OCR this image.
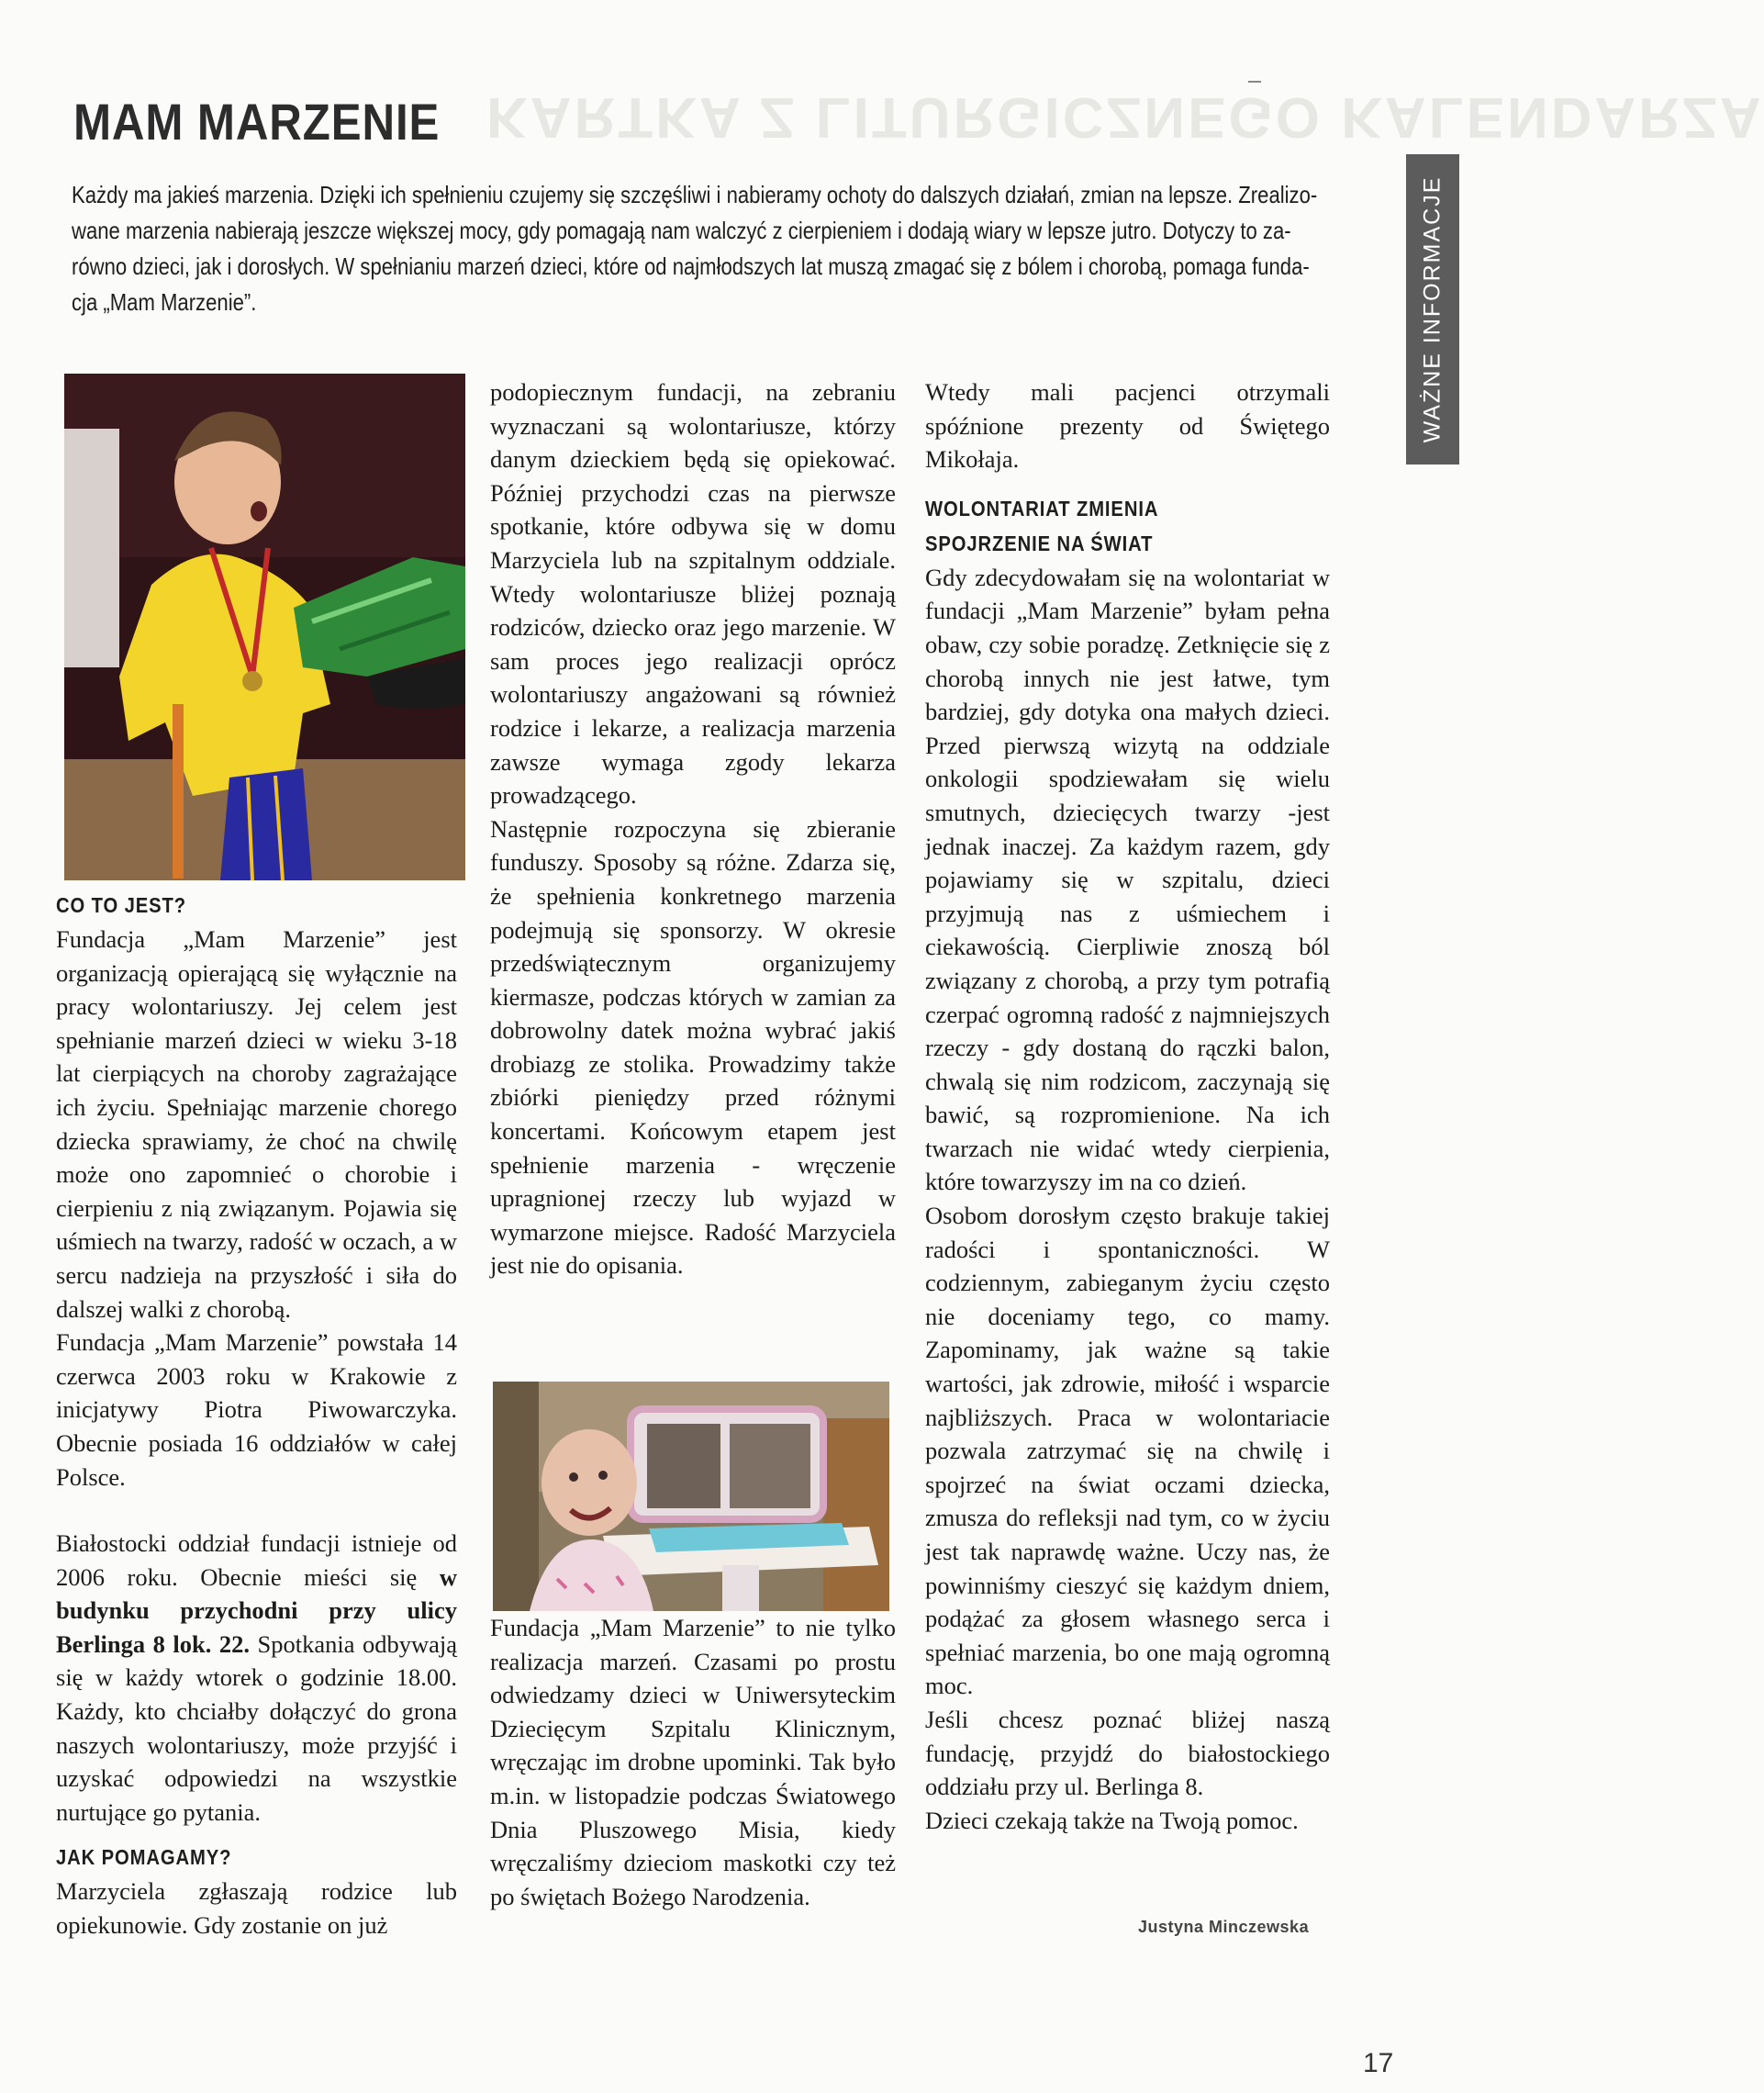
KARTKA Z LITURGICZNEGO KALENDARZA
MAM MARZENIE
Każdy ma jakieś marzenia. Dzięki ich spełnieniu czujemy się szczęśliwi i nabieramy ochoty do dalszych działań, zmian na lepsze. Zrealizo-
wane marzenia nabierają jeszcze większej mocy, gdy pomagają nam walczyć z cierpieniem i dodają wiary w lepsze jutro. Dotyczy to za-
równo dzieci, jak i dorosłych. W spełnianiu marzeń dzieci, które od najmłodszych lat muszą zmagać się z bólem i chorobą, pomaga funda-
cja „Mam Marzenie”.	WAŻNE INFORMACJE

CO TO JEST?

Fundacja „Mam Marzenie” jest organizacją opierającą się wyłącznie na pracy wolontariuszy. Jej celem jest spełnianie marzeń dzieci w wieku 3-18 lat cierpiących na choroby zagrażające ich życiu. Spełniając marzenie chorego dziecka sprawiamy, że choć na chwilę może ono zapomnieć o chorobie i cierpieniu z nią związanym. Pojawia się uśmiech na twarzy, radość w oczach, a w sercu nadzieja na przyszłość i siła do dalszej walki z chorobą.

Fundacja „Mam Marzenie” powstała 14 czerwca 2003 roku w Krakowie z inicjatywy Piotra Piwowarczyka. Obecnie posiada 16 oddziałów w całej Polsce.

Białostocki oddział fundacji istnieje od 2006 roku. Obecnie mieści się w budynku przychodni przy ulicy Berlinga 8 lok. 22. Spotkania odbywają się w każdy wtorek o godzinie 18.00. Każdy, kto chciałby dołączyć do grona naszych wolontariuszy, może przyjść i uzyskać odpowiedzi na wszystkie nurtujące go pytania.

JAK POMAGAMY?

Marzyciela zgłaszają rodzice lub opiekunowie. Gdy zostanie on już

podopiecznym fundacji, na zebraniu wyznaczani są wolontariusze, którzy danym dzieckiem będą się opiekować. Później przychodzi czas na pierwsze spotkanie, które odbywa się w domu Marzyciela lub na szpitalnym oddziale. Wtedy wolontariusze bliżej poznają rodziców, dziecko oraz jego marzenie. W sam proces jego realizacji oprócz wolontariuszy angażowani są również rodzice i lekarze, a realizacja marzenia zawsze wymaga zgody lekarza prowadzącego.

Następnie rozpoczyna się zbieranie funduszy. Sposoby są różne. Zdarza się, że spełnienia konkretnego marzenia podejmują się sponsorzy. W okresie przedświątecznym organizujemy kiermasze, podczas których w zamian za dobrowolny datek można wybrać jakiś drobiazg ze stolika. Prowadzimy także zbiórki pieniędzy przed różnymi koncertami. Końcowym etapem jest spełnienie marzenia - wręczenie upragnionej rzeczy lub wyjazd w wymarzone miejsce. Radość Marzyciela jest nie do opisania.

Fundacja „Mam Marzenie” to nie tylko realizacja marzeń. Czasami po prostu odwiedzamy dzieci w Uniwersyteckim Dziecięcym Szpitalu Klinicznym, wręczając im drobne upominki. Tak było m.in. w listopadzie podczas Światowego Dnia Pluszowego Misia, kiedy wręczaliśmy dzieciom maskotki czy też po świętach Bożego Narodzenia.

Wtedy mali pacjenci otrzymali spóźnione prezenty od Świętego Mikołaja.

WOLONTARIAT ZMIENIA

SPOJRZENIE NA ŚWIAT

Gdy zdecydowałam się na wolontariat w fundacji „Mam Marzenie” byłam pełna obaw, czy sobie poradzę. Zetknięcie się z chorobą innych nie jest łatwe, tym bardziej, gdy dotyka ona małych dzieci. Przed pierwszą wizytą na oddziale onkologii spodziewałam się wielu smutnych, dziecięcych twarzy -jest jednak inaczej. Za każdym razem, gdy pojawiamy się w szpitalu, dzieci przyjmują nas z uśmiechem i ciekawością. Cierpliwie znoszą ból związany z chorobą, a przy tym potrafią czerpać ogromną radość z najmniejszych rzeczy - gdy dostaną do rączki balon, chwalą się nim rodzicom, zaczynają się bawić, są rozpromienione. Na ich twarzach nie widać wtedy cierpienia, które towarzyszy im na co dzień.

Osobom dorosłym często brakuje takiej radości i spontaniczności. W codziennym, zabieganym życiu często nie doceniamy tego, co mamy. Zapominamy, jak ważne są takie wartości, jak zdrowie, miłość i wsparcie najbliższych. Praca w wolontariacie pozwala zatrzymać się na chwilę i spojrzeć na świat oczami dziecka, zmusza do refleksji nad tym, co w życiu jest tak naprawdę ważne. Uczy nas, że powinniśmy cieszyć się każdym dniem, podążać za głosem własnego serca i spełniać marzenia, bo one mają ogromną moc.

Jeśli chcesz poznać bliżej naszą fundację, przyjdź do białostockiego oddziału przy ul. Berlinga 8.

Dzieci czekają także na Twoją pomoc.

Justyna Minczewska
17
